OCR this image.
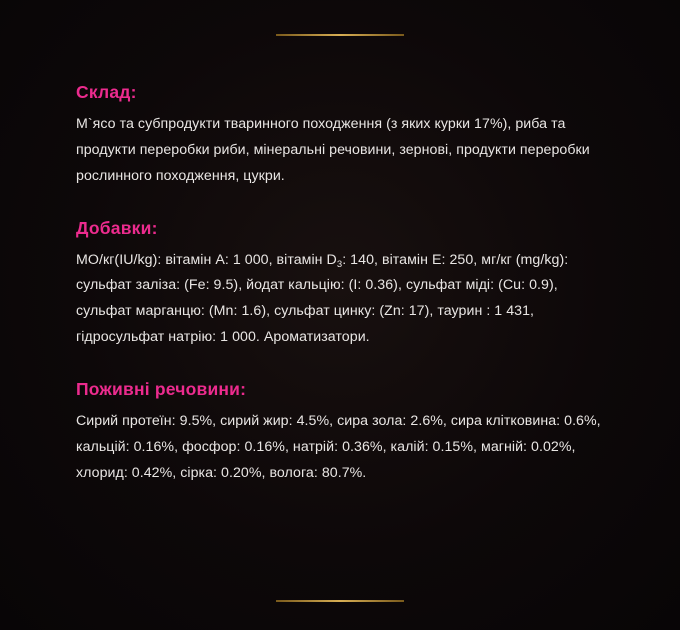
Склад:

М`ясо та субпродукти тваринного походження (з яких курки 17%), риба та продукти переробки риби, мінеральні речовини, зернові, продукти переробки рослинного походження, цукри.

Добавки:

МО/кг(IU/kg): вітамін A: 1 000, вітамін $D_3$: 140, вітамін E: 250, мг/кг (mg/kg): сульфат заліза: (Fe: 9.5), йодат кальцію: (I: 0.36), сульфат міді: (Cu: 0.9), сульфат марганцю: (Mn: 1.6), сульфат цинку: (Zn: 17), таурин : 1 431, гідросульфат натрію: 1 000. Ароматизатори.

Поживні речовини:

Сирий протеїн: 9.5%, сирий жир: 4.5%, сира зола: 2.6%, сира клітковина: 0.6%, кальцій: 0.16%, фосфор: 0.16%, натрій: 0.36%, калій: 0.15%, магній: 0.02%, хлорид: 0.42%, сірка: 0.20%, волога: 80.7%.
